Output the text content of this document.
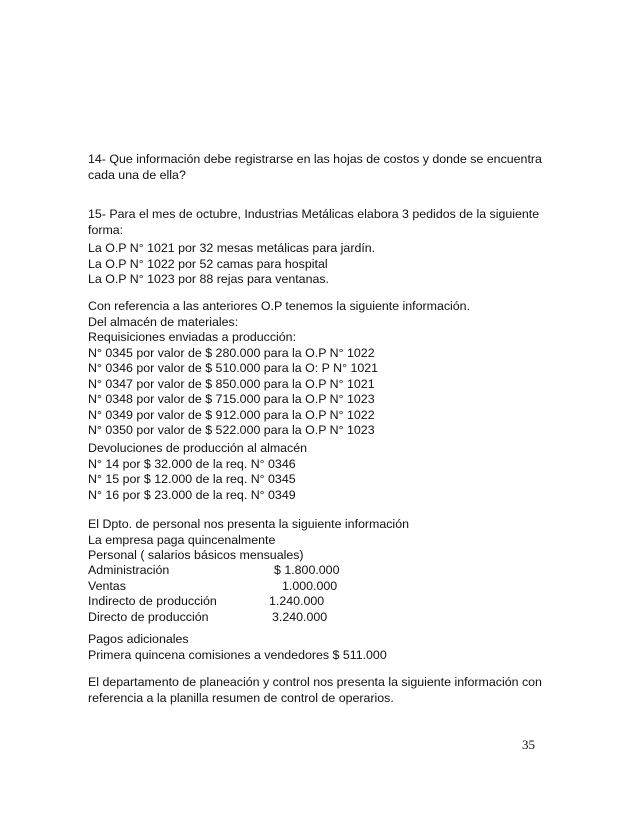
14- Que información debe registrarse en las hojas de costos y donde se encuentra cada una de ella?
15- Para el mes de octubre, Industrias Metálicas elabora 3 pedidos de la siguiente forma:
La O.P N° 1021 por 32 mesas metálicas para jardín.
La O.P N° 1022 por 52 camas para hospital
La O.P N° 1023 por 88 rejas para ventanas.
Con referencia a las anteriores O.P tenemos la siguiente información.
Del almacén de materiales:
Requisiciones enviadas a producción:
N° 0345 por valor de $ 280.000 para la O.P N° 1022
N° 0346 por valor de $ 510.000 para la O: P N° 1021
N° 0347 por valor de $ 850.000 para la O.P N° 1021
N° 0348 por valor de $ 715.000 para la O.P N° 1023
N° 0349 por valor de $ 912.000 para la O.P N° 1022
N° 0350 por valor de $ 522.000 para la O.P N° 1023
Devoluciones de producción al almacén
N° 14 por $ 32.000 de la req. N° 0346
N° 15 por $ 12.000 de la req. N° 0345
N° 16 por $ 23.000 de la req. N° 0349
El Dpto. de personal nos presenta la siguiente información
La empresa paga quincenalmente
Personal ( salarios básicos mensuales)
Administración	$ 1.800.000
Ventas	1.000.000
Indirecto de producción	1.240.000
Directo de producción	3.240.000
Pagos adicionales
Primera quincena comisiones a vendedores $ 511.000
El departamento de planeación y control nos presenta la siguiente información con referencia a la planilla resumen de control de operarios.
35
